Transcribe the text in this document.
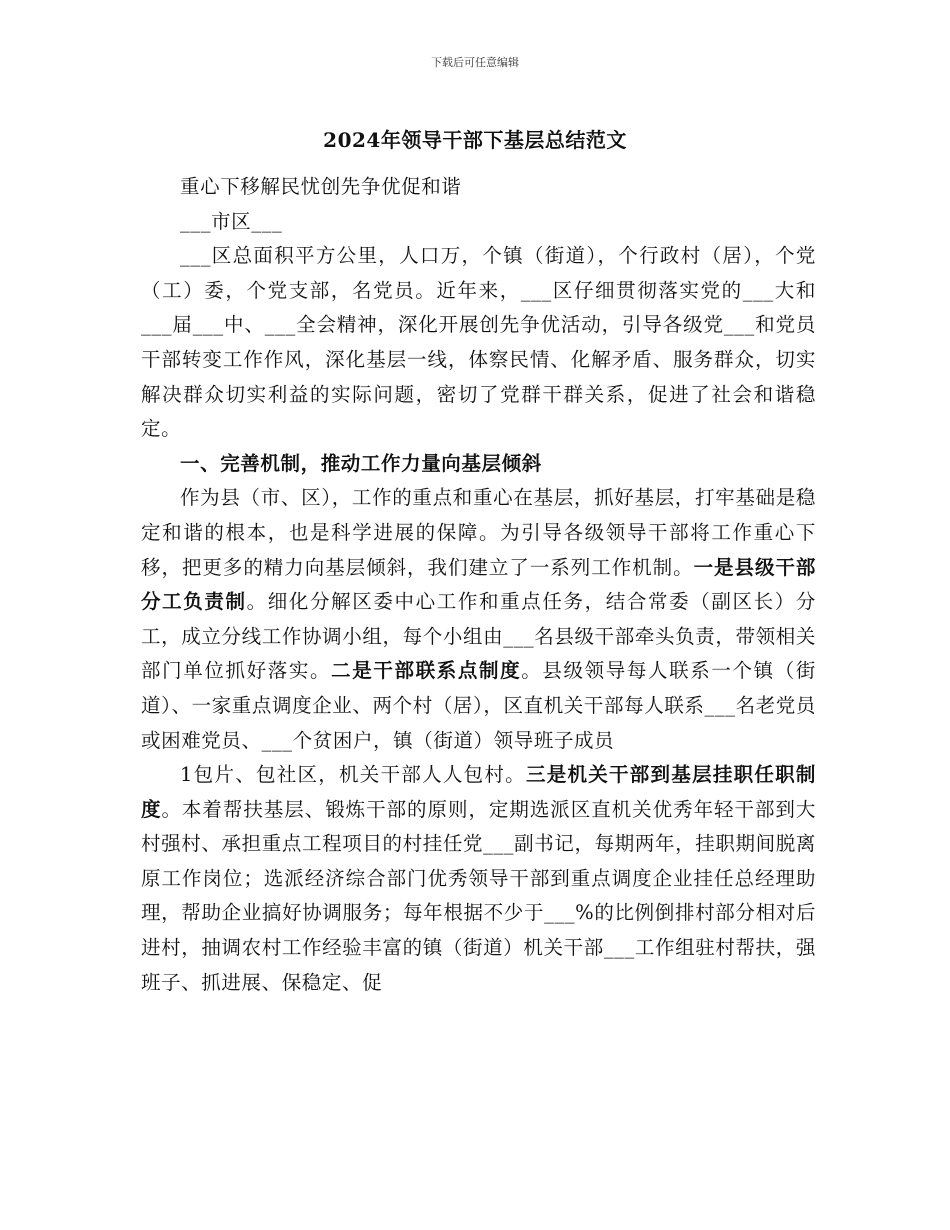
下载后可任意编辑
2024年领导干部下基层总结范文

重心下移解民忧创先争优促和谐

___市区___

___区总面积平方公里，人口万，个镇（街道），个行政村（居），个党（工）委，个党支部，名党员。近年来，___区仔细贯彻落实党的___大和___届___中、___全会精神，深化开展创先争优活动，引导各级党___和党员干部转变工作作风，深化基层一线，体察民情、化解矛盾、服务群众，切实解决群众切实利益的实际问题，密切了党群干群关系，促进了社会和谐稳定。

一、完善机制，推动工作力量向基层倾斜

作为县（市、区），工作的重点和重心在基层，抓好基层，打牢基础是稳定和谐的根本，也是科学进展的保障。为引导各级领导干部将工作重心下移，把更多的精力向基层倾斜，我们建立了一系列工作机制。一是县级干部分工负责制。细化分解区委中心工作和重点任务，结合常委（副区长）分工，成立分线工作协调小组，每个小组由___名县级干部牵头负责，带领相关部门单位抓好落实。二是干部联系点制度。县级领导每人联系一个镇（街道）、一家重点调度企业、两个村（居），区直机关干部每人联系___名老党员或困难党员、___个贫困户，镇（街道）领导班子成员

1包片、包社区，机关干部人人包村。三是机关干部到基层挂职任职制度。本着帮扶基层、锻炼干部的原则，定期选派区直机关优秀年轻干部到大村强村、承担重点工程项目的村挂任党___副书记，每期两年，挂职期间脱离原工作岗位；选派经济综合部门优秀领导干部到重点调度企业挂任总经理助理，帮助企业搞好协调服务；每年根据不少于___%的比例倒排村部分相对后进村，抽调农村工作经验丰富的镇（街道）机关干部___工作组驻村帮扶，强班子、抓进展、保稳定、促
